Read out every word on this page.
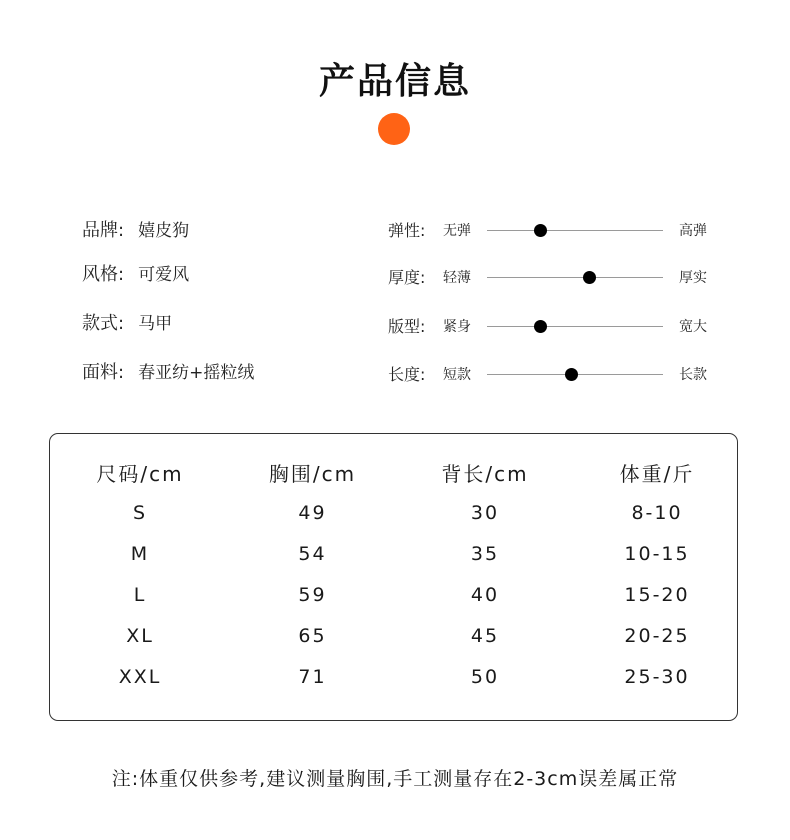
产品信息
品牌: 嬉皮狗
风格: 可爱风
款式: 马甲
面料: 春亚纺+摇粒绒
弹性: 无弹	高弹
厚度: 轻薄	厚实
版型: 紧身	宽大
长度: 短款	长款
尺码/cm	胸围/cm	背长/cm	体重/斤
S	49	30	8-10
M	54	35	10-15
L	59	40	15-20
XL	65	45	20-25
XXL	71	50	25-30
注:体重仅供参考,建议测量胸围,手工测量存在2-3cm误差属正常
